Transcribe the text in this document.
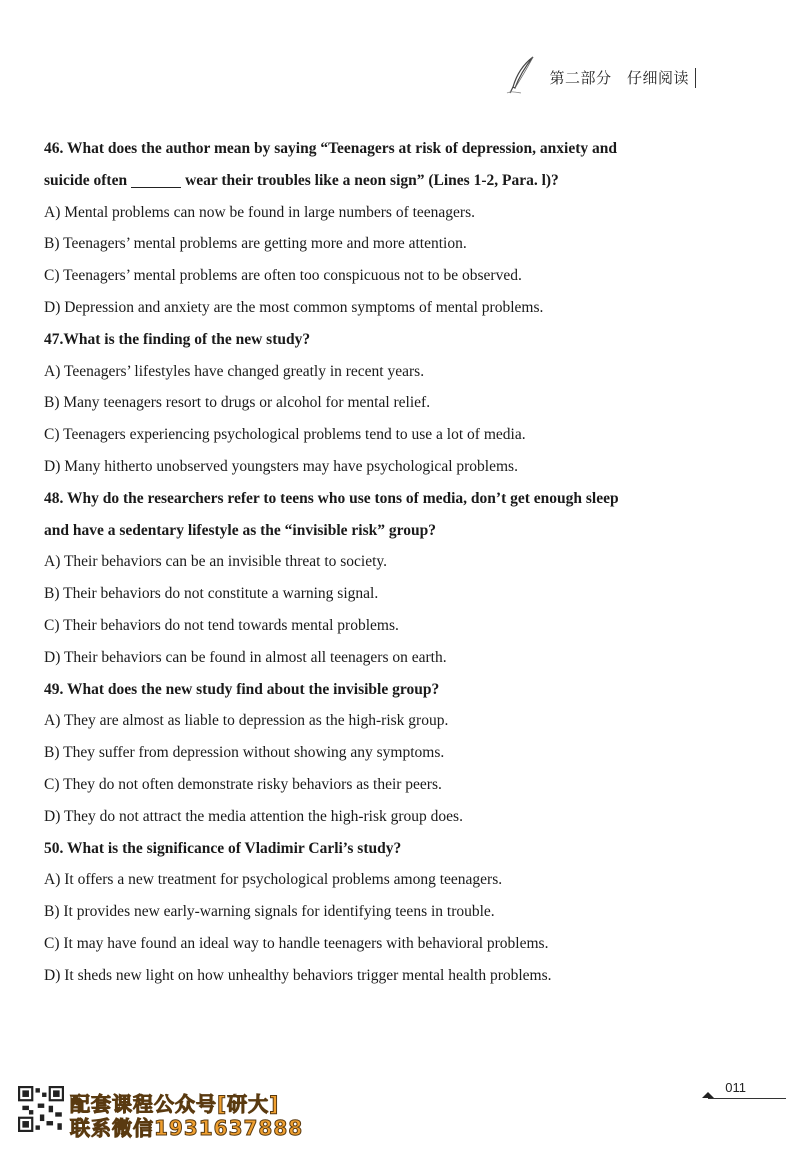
第二部分　仔细阅读
46. What does the author mean by saying “Teenagers at risk of depression, anxiety and
suicide often	wear their troubles like a neon sign” (Lines 1-2, Para. l)?
A) Mental problems can now be found in large numbers of teenagers.
B) Teenagers’ mental problems are getting more and more attention.
C) Teenagers’ mental problems are often too conspicuous not to be observed.
D) Depression and anxiety are the most common symptoms of mental problems.
47.What is the finding of the new study?
A) Teenagers’ lifestyles have changed greatly in recent years.
B) Many teenagers resort to drugs or alcohol for mental relief.
C) Teenagers experiencing psychological problems tend to use a lot of media.
D) Many hitherto unobserved youngsters may have psychological problems.
48. Why do the researchers refer to teens who use tons of media, don’t get enough sleep
and have a sedentary lifestyle as the “invisible risk” group?
A) Their behaviors can be an invisible threat to society.
B) Their behaviors do not constitute a warning signal.
C) Their behaviors do not tend towards mental problems.
D) Their behaviors can be found in almost all teenagers on earth.
49. What does the new study find about the invisible group?
A) They are almost as liable to depression as the high-risk group.
B) They suffer from depression without showing any symptoms.
C) They do not often demonstrate risky behaviors as their peers.
D) They do not attract the media attention the high-risk group does.
50. What is the significance of Vladimir Carli’s study?
A) It offers a new treatment for psychological problems among teenagers.
B) It provides new early-warning signals for identifying teens in trouble.
C) It may have found an ideal way to handle teenagers with behavioral problems.
D) It sheds new light on how unhealthy behaviors trigger mental health problems.
配套课程公众号[研大]
联系微信1931637888
011
